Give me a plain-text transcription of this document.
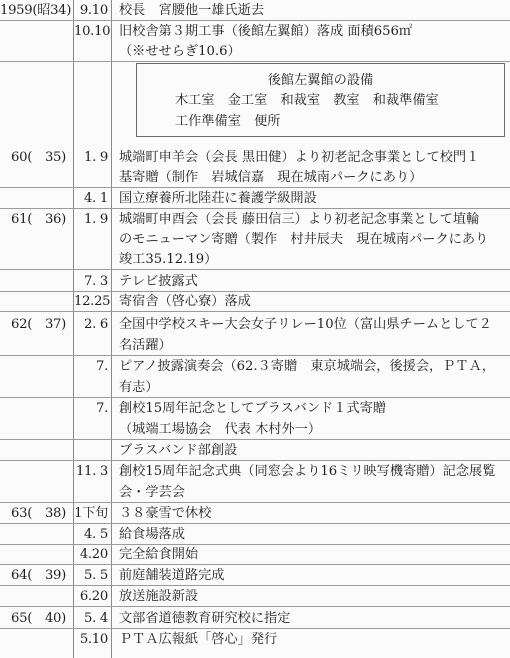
後館左翼館の設備
木工室　金工室　和裁室　教室　和裁準備室
工作準備室　便所
1959(昭34) 9.10 校長　宮腰他一雄氏逝去
10.10 旧校舎第３期工事（後館左翼館）落成 面積656㎡
（※せせらぎ10.6）
60(　35)	1. 9 城端町申羊会（会長 黒田健）より初老記念事業として校門１
基寄贈（制作　岩城信嘉　現在城南パークにあり）
4. 1 国立療養所北陸荘に養護学級開設
61(　36)	1. 9 城端町申酉会（会長 藤田信三）より初老記念事業として埴輪
のモニューマン寄贈（製作　村井辰夫　現在城南パークにあり
竣工35.12.19）
7. 3 テレビ披露式
12.25 寄宿舎（啓心寮）落成
62(　37)	2. 6 全国中学校スキー大会女子リレー10位（富山県チームとして２
名活躍）
7. ピアノ披露演奏会（62.３寄贈　東京城端会，後援会，ＰＴＡ，
有志）
7. 創校15周年記念としてブラスバンド１式寄贈
（城端工場協会　代表 木村外一）
ブラスバンド部創設
11. 3 創校15周年記念式典（同窓会より16ミリ映写機寄贈）記念展覧
会・学芸会
63(　38) 1下旬 ３８豪雪で休校
4. 5 給食場落成
4.20 完全給食開始
64(　39)	5. 5 前庭舗装道路完成
6.20 放送施設新設
65(　40)	5. 4 文部省道徳教育研究校に指定
5.10 ＰＴＡ広報紙「啓心」発行
